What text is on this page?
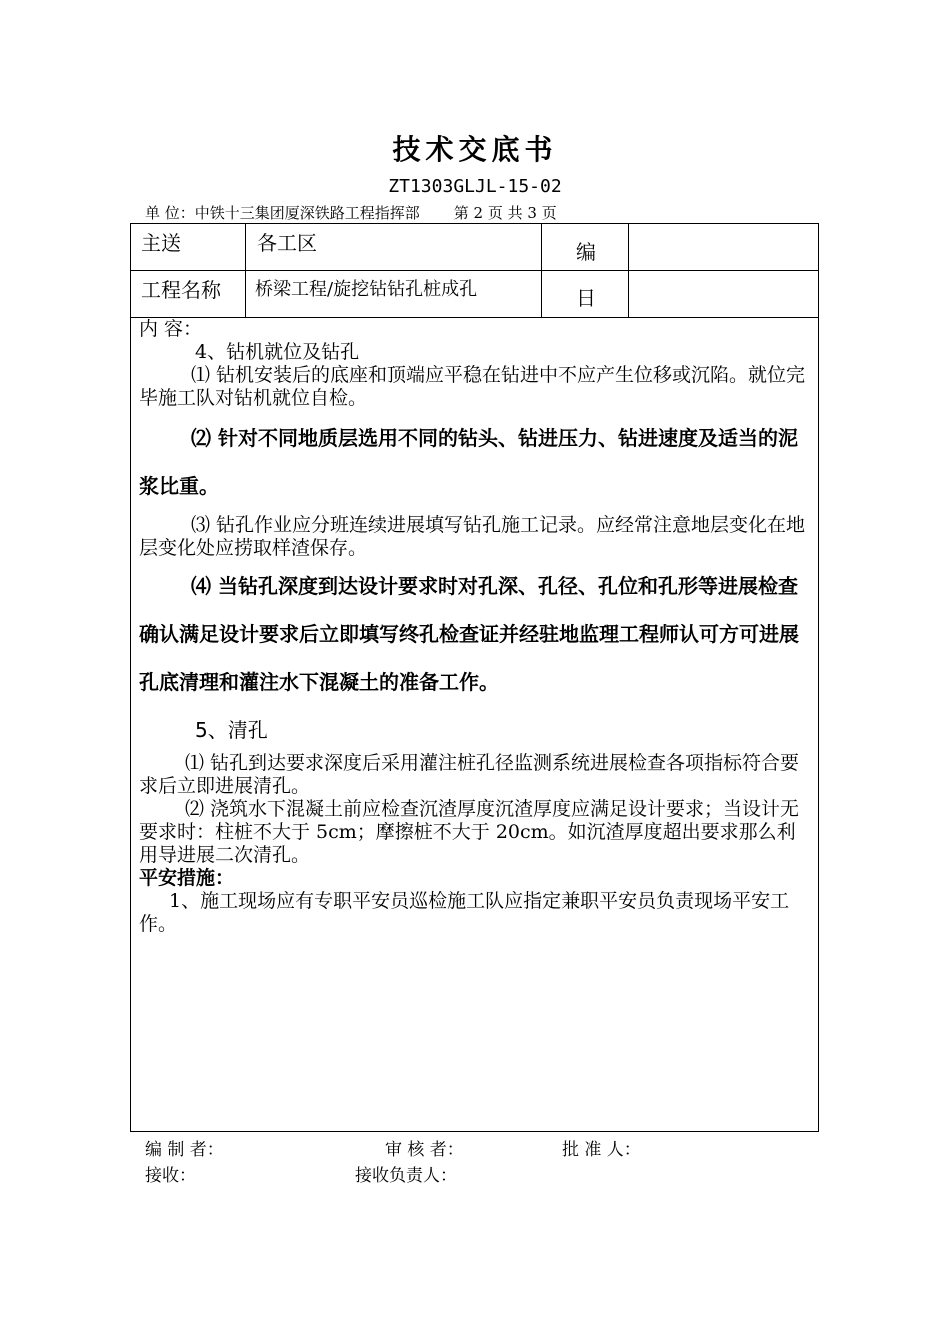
技术交底书
ZT1303GLJL-15-02
单 位：中铁十三集团厦深铁路工程指挥部 第 2 页 共 3 页
主送	各工区	编
工程名称 桥梁工程/旋挖钻钻孔桩成孔	日

内 容：

4、钻机就位及钻孔

⑴ 钻机安装后的底座和顶端应平稳在钻进中不应产生位移或沉陷。就位完毕施工队对钻机就位自检。

⑵ 针对不同地质层选用不同的钻头、钻进压力、钻进速度及适当的泥浆比重。

⑶ 钻孔作业应分班连续进展填写钻孔施工记录。应经常注意地层变化在地层变化处应捞取样渣保存。

⑷ 当钻孔深度到达设计要求时对孔深、孔径、孔位和孔形等进展检查确认满足设计要求后立即填写终孔检查证并经驻地监理工程师认可方可进展孔底清理和灌注水下混凝土的准备工作。

5、清孔

⑴ 钻孔到达要求深度后采用灌注桩孔径监测系统进展检查各项指标符合要求后立即进展清孔。

⑵ 浇筑水下混凝土前应检查沉渣厚度沉渣厚度应满足设计要求；当设计无要求时：柱桩不大于 5cm；摩擦桩不大于 20cm。如沉渣厚度超出要求那么利用导进展二次清孔。

平安措施：

1、施工现场应有专职平安员巡检施工队应指定兼职平安员负责现场平安工作。

编 制 者：	审 核 者：	批 准 人：
接收：	接收负责人：
